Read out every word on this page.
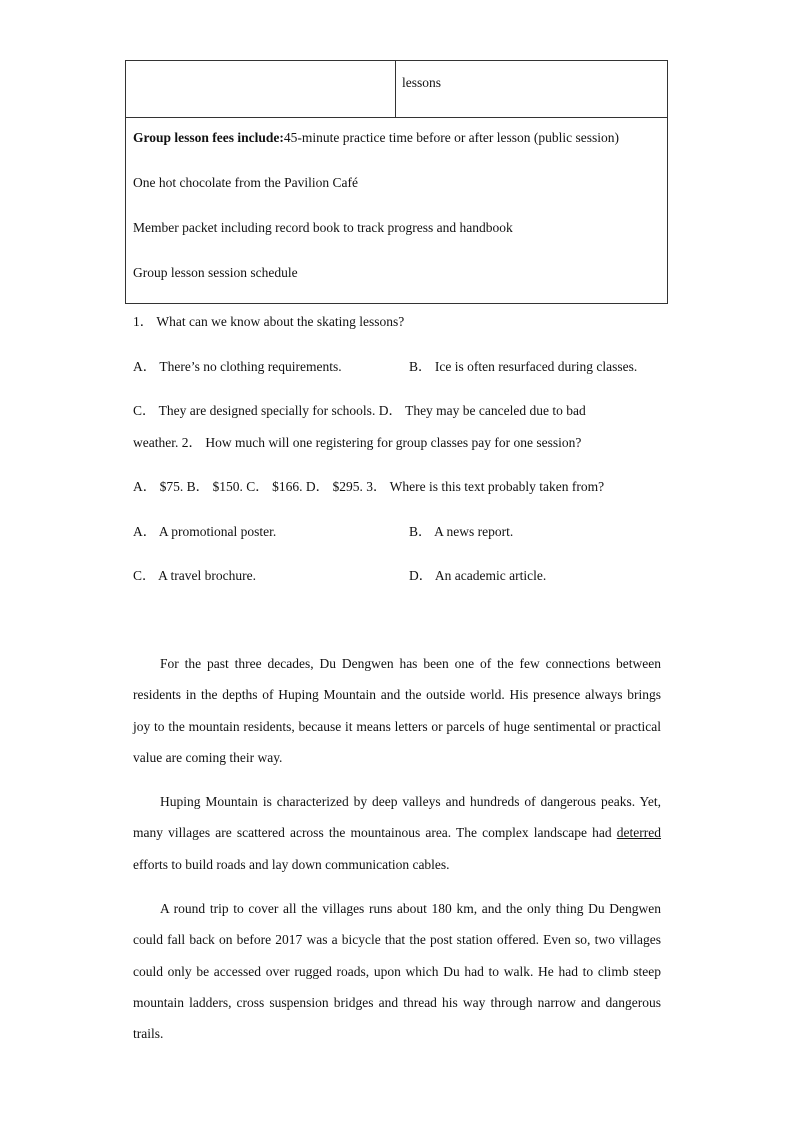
lessons

Group lesson fees include:45-minute practice time before or after lesson (public session)

One hot chocolate from the Pavilion Café

Member packet including record book to track progress and handbook

Group lesson session schedule

1． What can we know about the skating lessons?
A． There’s no clothing requirements.	B． Ice is often resurfaced during classes.
C． They are designed specially for schools. D． They may be canceled due to bad
weather. 2． How much will one registering for group classes pay for one session?
A． $75. B． $150. C． $166. D． $295. 3． Where is this text probably taken from?
A． A promotional poster.	B． A news report.
C． A travel brochure.	D． An academic article.

For the past three decades, Du Dengwen has been one of the few connections between residents in the depths of Huping Mountain and the outside world. His presence always brings joy to the mountain residents, because it means letters or parcels of huge sentimental or practical value are coming their way.

Huping Mountain is characterized by deep valleys and hundreds of dangerous peaks. Yet, many villages are scattered across the mountainous area. The complex landscape had deterred efforts to build roads and lay down communication cables.

A round trip to cover all the villages runs about 180 km, and the only thing Du Dengwen could fall back on before 2017 was a bicycle that the post station offered. Even so, two villages could only be accessed over rugged roads, upon which Du had to walk. He had to climb steep mountain ladders, cross suspension bridges and thread his way through narrow and dangerous trails.
